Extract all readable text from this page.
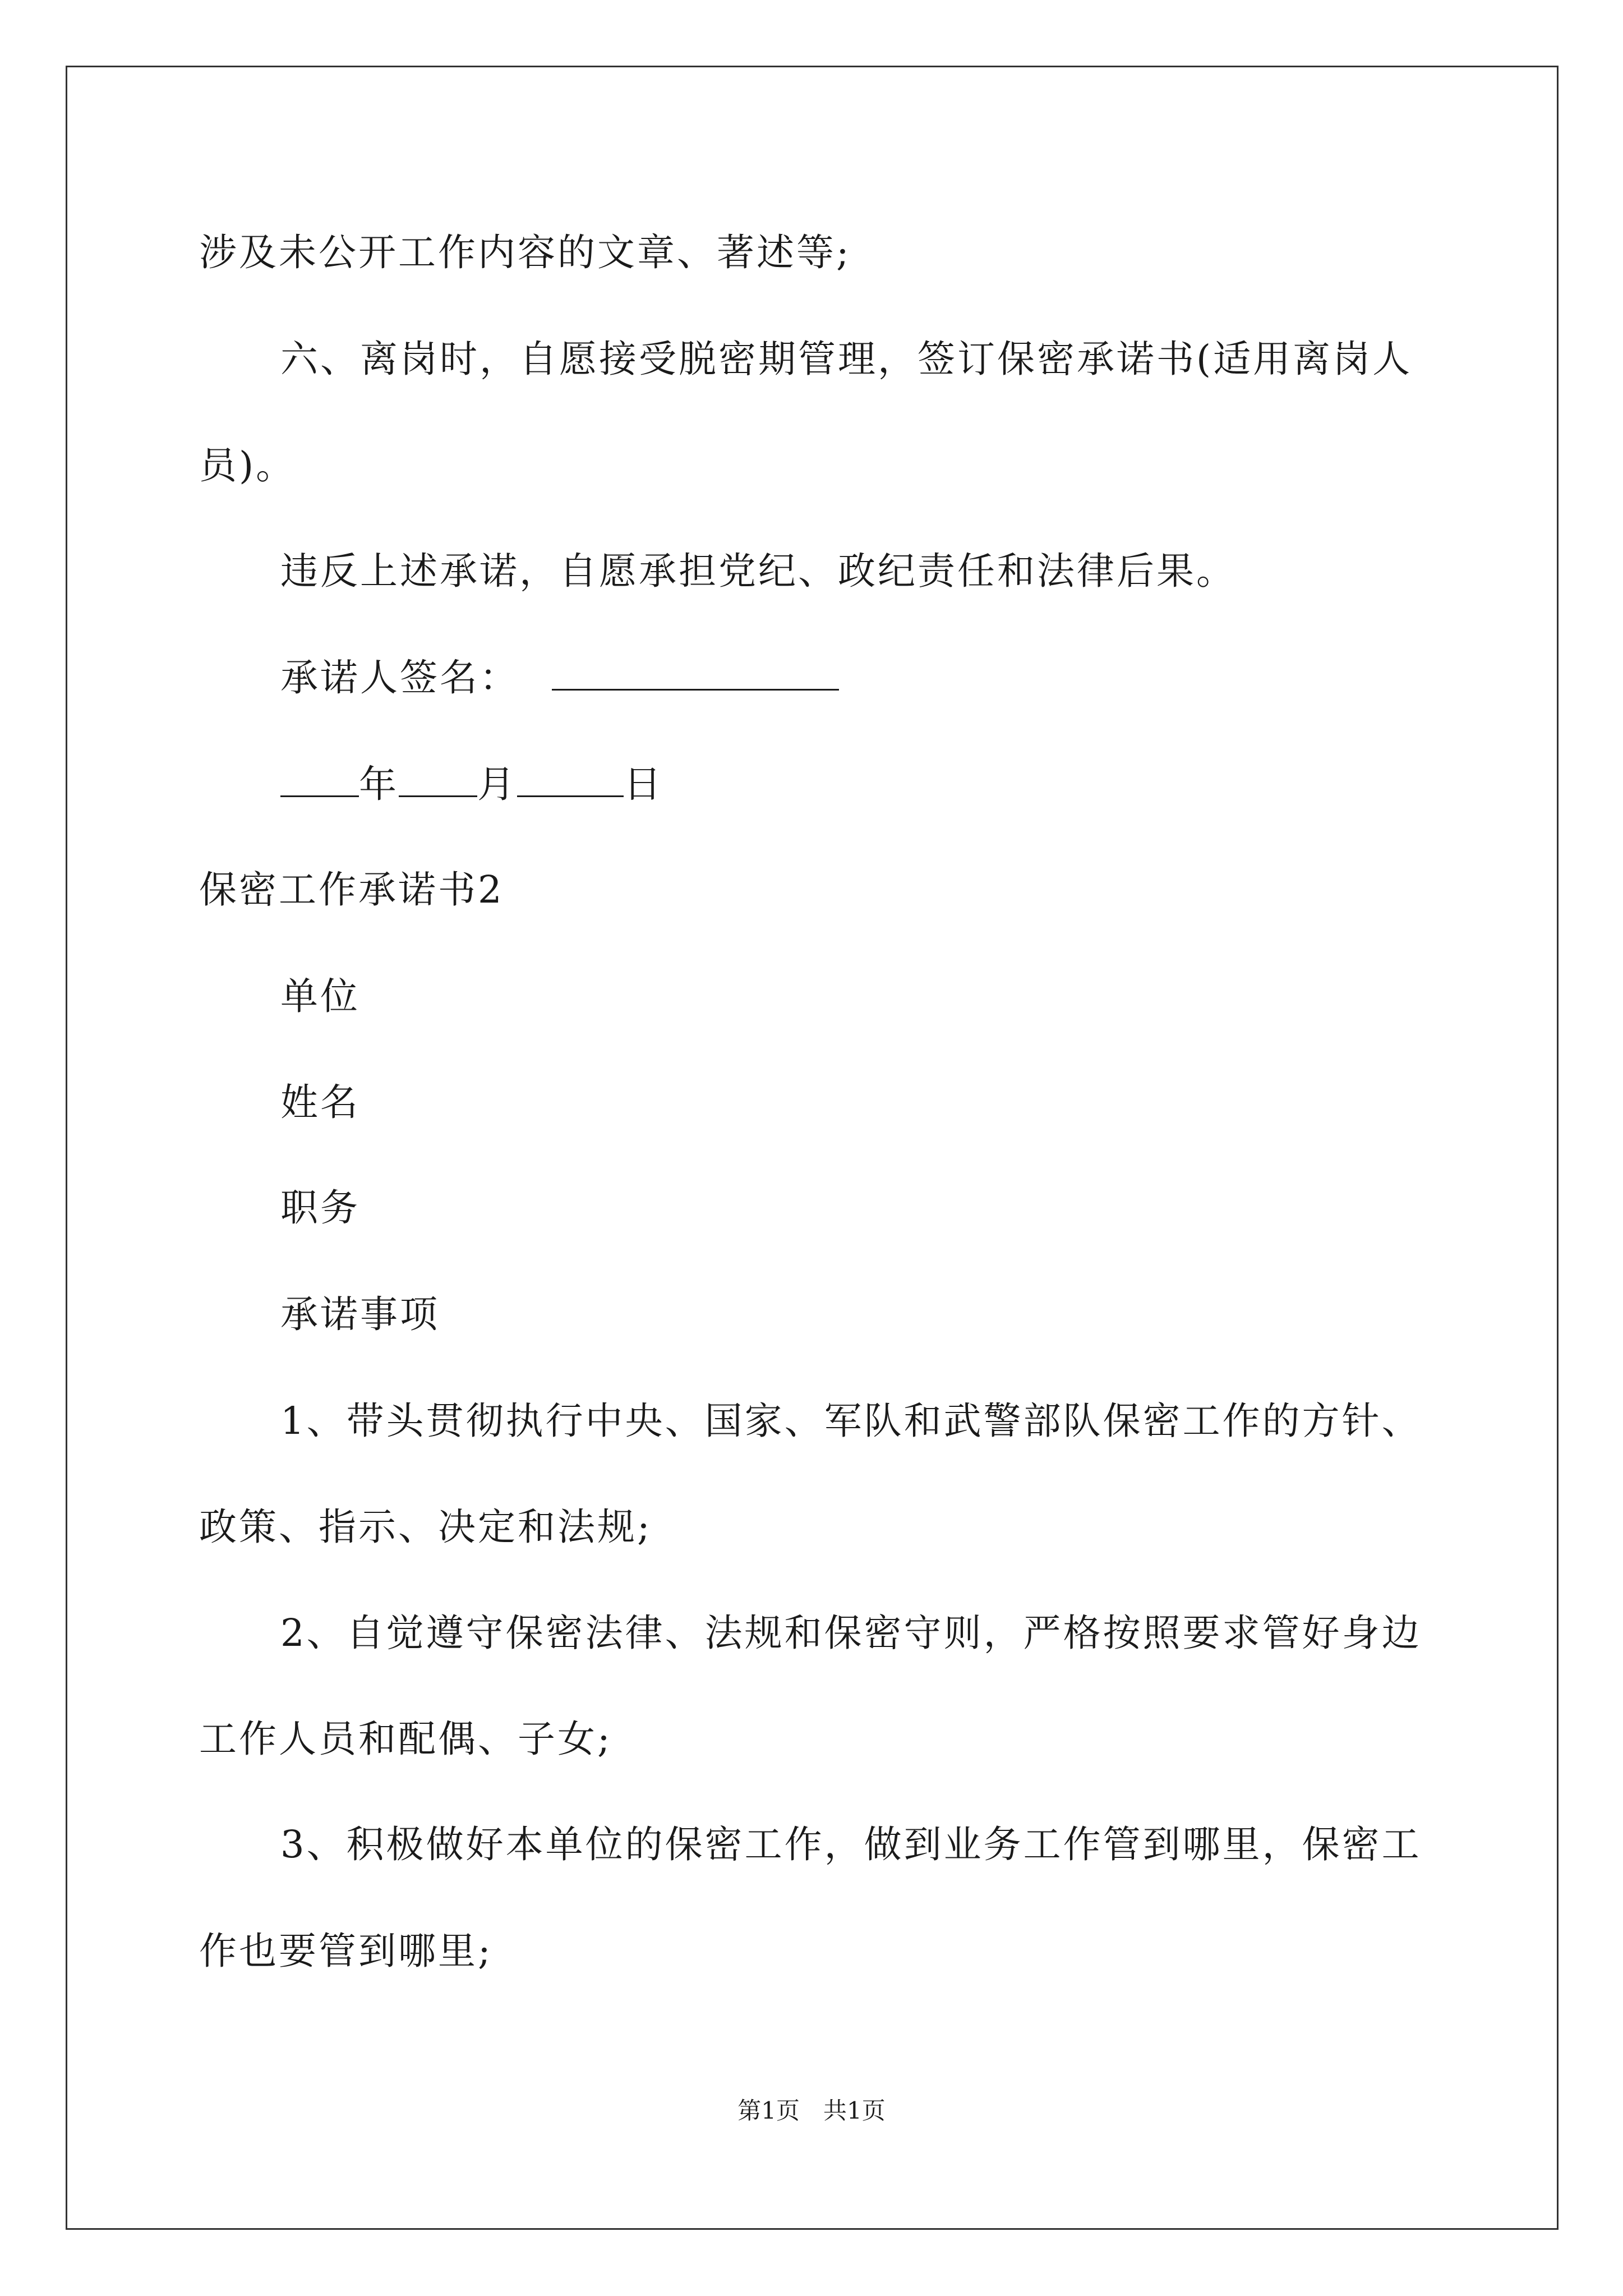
涉及未公开工作内容的文章、著述等;
六、离岗时，自愿接受脱密期管理，签订保密承诺书(适用离岗人
员)。
违反上述承诺，自愿承担党纪、政纪责任和法律后果。
承诺人签名：
年 月	日
保密工作承诺书2
单位
姓名
职务
承诺事项
1、带头贯彻执行中央、国家、军队和武警部队保密工作的方针、
政策、指示、决定和法规;
2、自觉遵守保密法律、法规和保密守则，严格按照要求管好身边
工作人员和配偶、子女;
3、积极做好本单位的保密工作，做到业务工作管到哪里，保密工
作也要管到哪里;
第1页　共1页
